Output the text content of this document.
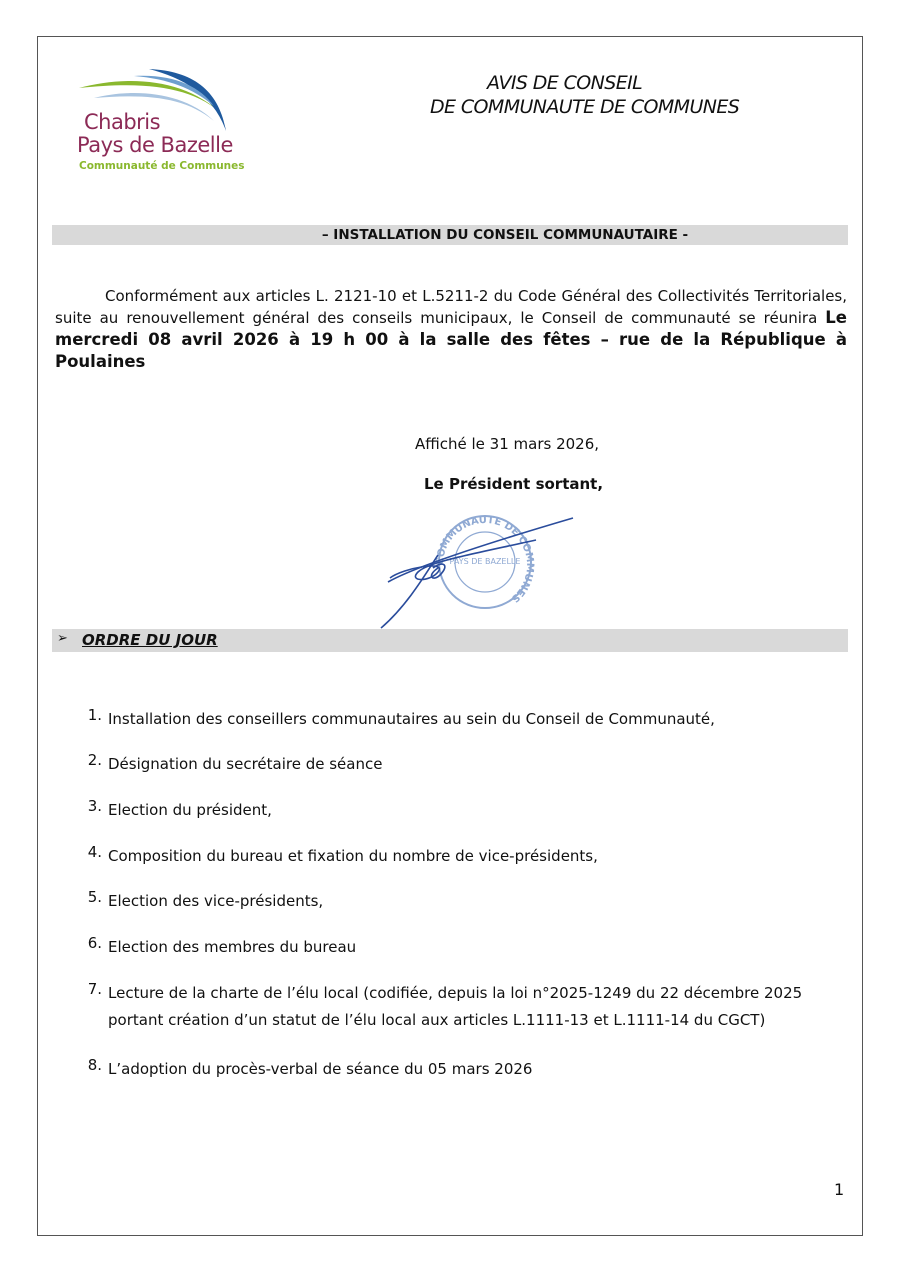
Chabris
Pays de Bazelle
Communauté de Communes
AVIS DE CONSEIL
DE COMMUNAUTE DE COMMUNES
– INSTALLATION DU CONSEIL COMMUNAUTAIRE -
Conformément aux articles L. 2121-10 et L.5211-2 du Code Général des Collectivités Territoriales, suite au renouvellement général des conseils municipaux, le Conseil de communauté se réunira Le mercredi 08 avril 2026 à 19 h 00 à la salle des fêtes – rue de la République à Poulaines
Affiché le 31 mars 2026,
Le Président sortant,
COMMUNAUTE DE COMMUNES
PAYS DE BAZELLE
➢ ORDRE DU JOUR
1. Installation des conseillers communautaires au sein du Conseil de Communauté,
2. Désignation du secrétaire de séance
3. Election du président,
4. Composition du bureau et fixation du nombre de vice-présidents,
5. Election des vice-présidents,
6. Election des membres du bureau
7. Lecture de la charte de l’élu local (codifiée, depuis la loi n°2025-1249 du 22 décembre 2025 portant création d’un statut de l’élu local aux articles L.1111-13 et L.1111-14 du CGCT)
8. L’adoption du procès-verbal de séance du 05 mars 2026
1
